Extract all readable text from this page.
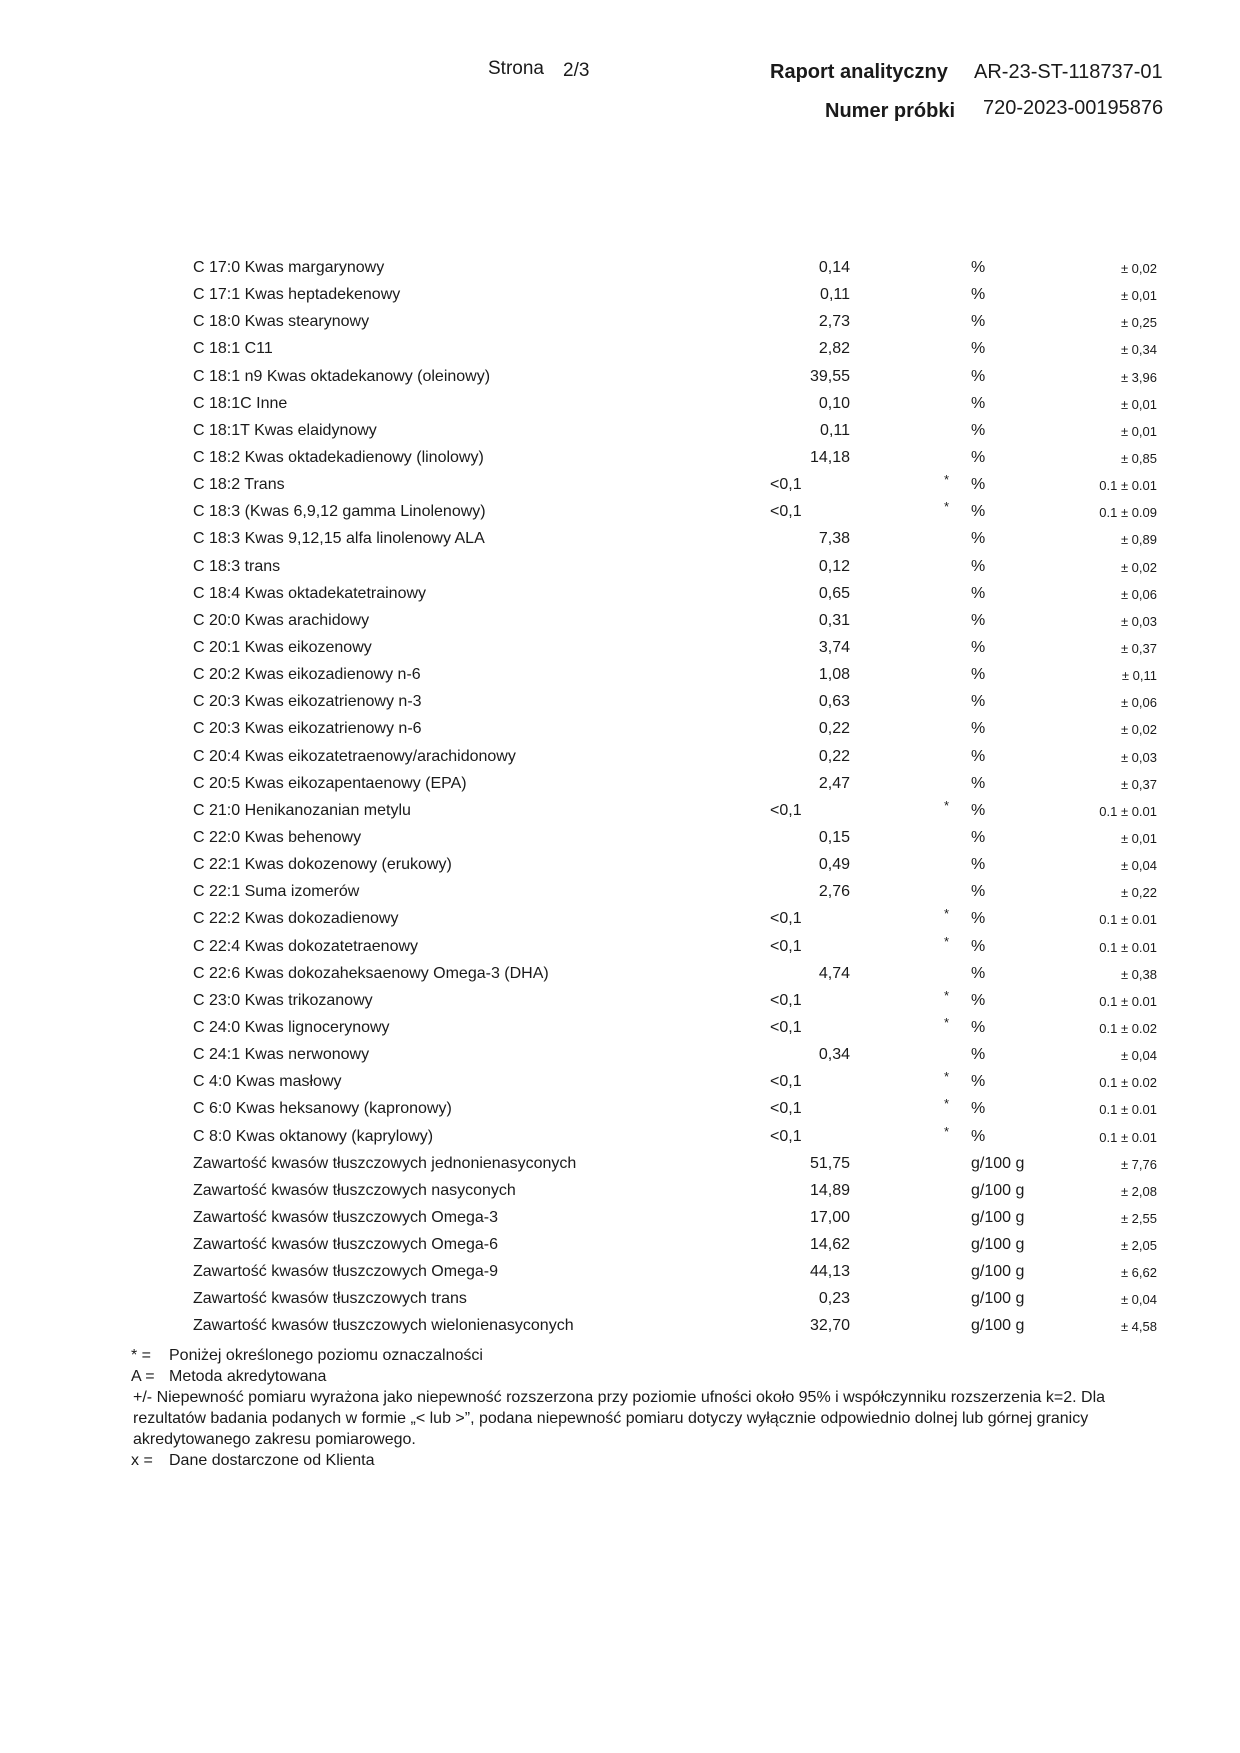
Strona 2/3	Raport analityczny AR-23-ST-118737-01
Numer próbki 720-2023-00195876
C 17:0 Kwas margarynowy	0,14	%	± 0,02
C 17:1 Kwas heptadekenowy	0,11	%	± 0,01
C 18:0 Kwas stearynowy	2,73	%	± 0,25
C 18:1 C11	2,82	%	± 0,34
C 18:1 n9 Kwas oktadekanowy (oleinowy)	39,55	%	± 3,96
C 18:1C Inne	0,10	%	± 0,01
C 18:1T Kwas elaidynowy	0,11	%	± 0,01
C 18:2 Kwas oktadekadienowy (linolowy)	14,18	%	± 0,85
C 18:2 Trans	<0,1	* %	0.1 ± 0.01
C 18:3 (Kwas 6,9,12 gamma Linolenowy)	<0,1	* %	0.1 ± 0.09
C 18:3 Kwas 9,12,15 alfa linolenowy ALA	7,38	%	± 0,89
C 18:3 trans	0,12	%	± 0,02
C 18:4 Kwas oktadekatetrainowy	0,65	%	± 0,06
C 20:0 Kwas arachidowy	0,31	%	± 0,03
C 20:1 Kwas eikozenowy	3,74	%	± 0,37
C 20:2 Kwas eikozadienowy n-6	1,08	%	± 0,11
C 20:3 Kwas eikozatrienowy n-3	0,63	%	± 0,06
C 20:3 Kwas eikozatrienowy n-6	0,22	%	± 0,02
C 20:4 Kwas eikozatetraenowy/arachidonowy	0,22	%	± 0,03
C 20:5 Kwas eikozapentaenowy (EPA)	2,47	%	± 0,37
C 21:0 Henikanozanian metylu	<0,1	* %	0.1 ± 0.01
C 22:0 Kwas behenowy	0,15	%	± 0,01
C 22:1 Kwas dokozenowy (erukowy)	0,49	%	± 0,04
C 22:1 Suma izomerów	2,76	%	± 0,22
C 22:2 Kwas dokozadienowy	<0,1	* %	0.1 ± 0.01
C 22:4 Kwas dokozatetraenowy	<0,1	* %	0.1 ± 0.01
C 22:6 Kwas dokozaheksaenowy Omega-3 (DHA)	4,74	%	± 0,38
C 23:0 Kwas trikozanowy	<0,1	* %	0.1 ± 0.01
C 24:0 Kwas lignocerynowy	<0,1	* %	0.1 ± 0.02
C 24:1 Kwas nerwonowy	0,34	%	± 0,04
C 4:0 Kwas masłowy	<0,1	* %	0.1 ± 0.02
C 6:0 Kwas heksanowy (kapronowy)	<0,1	* %	0.1 ± 0.01
C 8:0 Kwas oktanowy (kaprylowy)	<0,1	* %	0.1 ± 0.01
Zawartość kwasów tłuszczowych jednonienasyconych	51,75	g/100 g	± 7,76
Zawartość kwasów tłuszczowych nasyconych	14,89	g/100 g	± 2,08
Zawartość kwasów tłuszczowych Omega-3	17,00	g/100 g	± 2,55
Zawartość kwasów tłuszczowych Omega-6	14,62	g/100 g	± 2,05
Zawartość kwasów tłuszczowych Omega-9	44,13	g/100 g	± 6,62
Zawartość kwasów tłuszczowych trans	0,23	g/100 g	± 0,04
Zawartość kwasów tłuszczowych wielonienasyconych	32,70	g/100 g	± 4,58
* = Poniżej określonego poziomu oznaczalności
A = Metoda akredytowana
+/- Niepewność pomiaru wyrażona jako niepewność rozszerzona przy poziomie ufności około 95% i współczynniku rozszerzenia k=2. Dla rezultatów badania podanych w formie „< lub >”, podana niepewność pomiaru dotyczy wyłącznie odpowiednio dolnej lub górnej granicy akredytowanego zakresu pomiarowego.
x = Dane dostarczone od Klienta
